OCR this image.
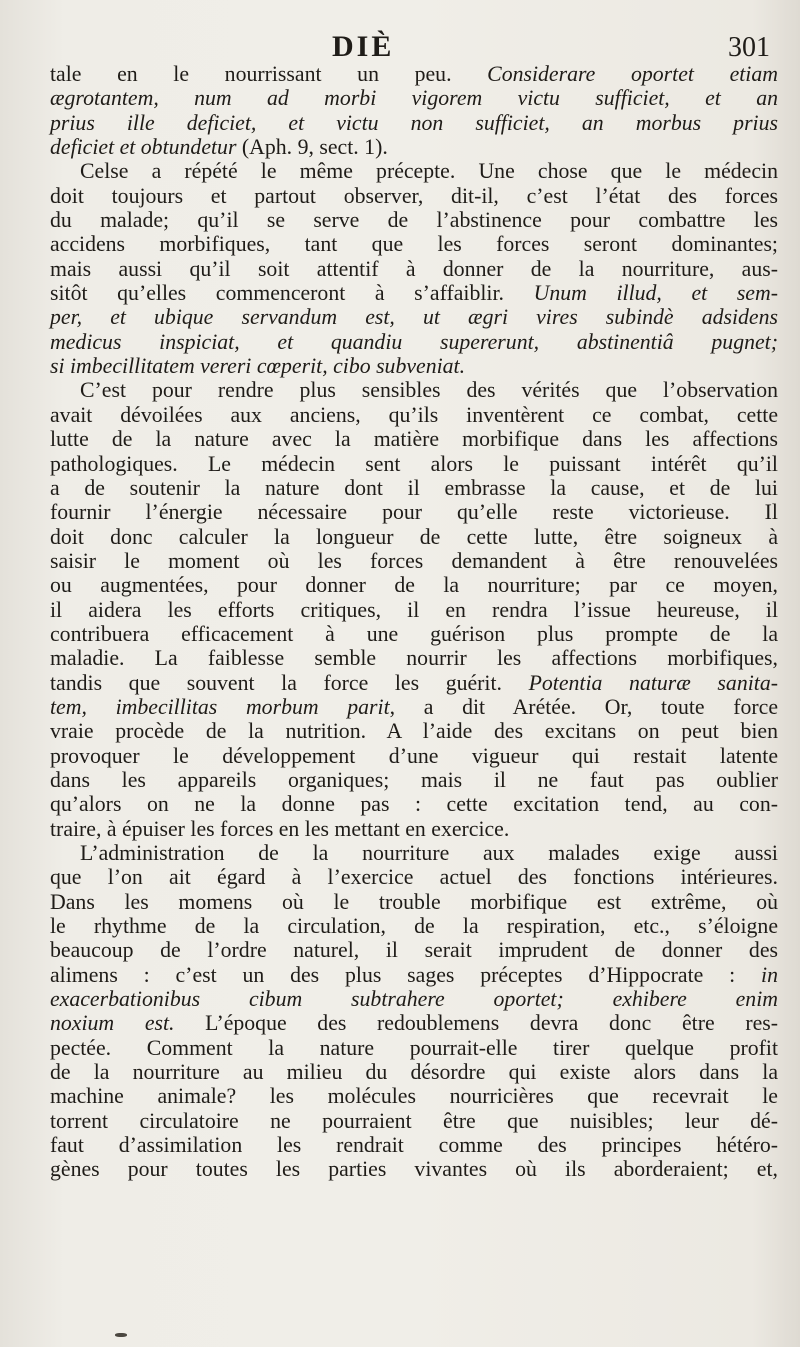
DIÈ	301
tale en le nourrissant un peu. Considerare oportet etiam
ægrotantem, num ad morbi vigorem victu sufficiet, et an
prius ille deficiet, et victu non sufficiet, an morbus prius
deficiet et obtundetur (Aph. 9, sect. 1).
Celse a répété le même précepte. Une chose que le médecin
doit toujours et partout observer, dit-il, c’est l’état des forces
du malade; qu’il se serve de l’abstinence pour combattre les
accidens morbifiques, tant que les forces seront dominantes;
mais aussi qu’il soit attentif à donner de la nourriture, aus-
sitôt qu’elles commenceront à s’affaiblir. Unum illud, et sem-
per, et ubique servandum est, ut ægri vires subindè adsidens
medicus inspiciat, et quandiu supererunt, abstinentiâ pugnet;
si imbecillitatem vereri cœperit, cibo subveniat.
C’est pour rendre plus sensibles des vérités que l’observation
avait dévoilées aux anciens, qu’ils inventèrent ce combat, cette
lutte de la nature avec la matière morbifique dans les affections
pathologiques. Le médecin sent alors le puissant intérêt qu’il
a de soutenir la nature dont il embrasse la cause, et de lui
fournir l’énergie nécessaire pour qu’elle reste victorieuse. Il
doit donc calculer la longueur de cette lutte, être soigneux à
saisir le moment où les forces demandent à être renouvelées
ou augmentées, pour donner de la nourriture; par ce moyen,
il aidera les efforts critiques, il en rendra l’issue heureuse, il
contribuera efficacement à une guérison plus prompte de la
maladie. La faiblesse semble nourrir les affections morbifiques,
tandis que souvent la force les guérit. Potentia naturæ sanita-
tem, imbecillitas morbum parit, a dit Arétée. Or, toute force
vraie procède de la nutrition. A l’aide des excitans on peut bien
provoquer le développement d’une vigueur qui restait latente
dans les appareils organiques; mais il ne faut pas oublier
qu’alors on ne la donne pas : cette excitation tend, au con-
traire, à épuiser les forces en les mettant en exercice.
L’administration de la nourriture aux malades exige aussi
que l’on ait égard à l’exercice actuel des fonctions intérieures.
Dans les momens où le trouble morbifique est extrême, où
le rhythme de la circulation, de la respiration, etc., s’éloigne
beaucoup de l’ordre naturel, il serait imprudent de donner des
alimens : c’est un des plus sages préceptes d’Hippocrate : in
exacerbationibus cibum subtrahere oportet; exhibere enim
noxium est. L’époque des redoublemens devra donc être res-
pectée. Comment la nature pourrait-elle tirer quelque profit
de la nourriture au milieu du désordre qui existe alors dans la
machine animale? les molécules nourricières que recevrait le
torrent circulatoire ne pourraient être que nuisibles; leur dé-
faut d’assimilation les rendrait comme des principes hétéro-
gènes pour toutes les parties vivantes où ils aborderaient; et,
